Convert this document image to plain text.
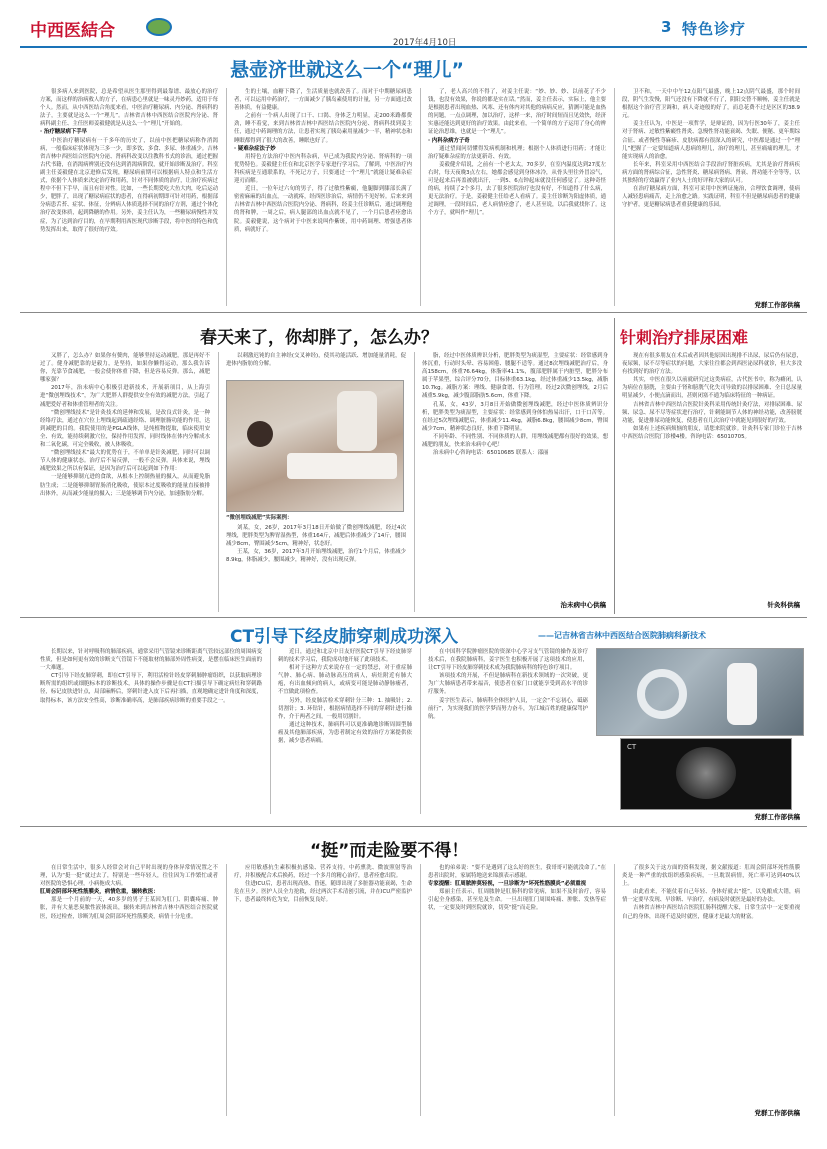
中西医結合
2017年4月10日
3 特色诊疗
悬壶济世就这么一个“理儿”

很多病人来到医院，总是希望从医生那里得到最靠谱、最放心的治疗方案，而这样的治病救人的方子，在病患心里就是一味灵丹妙药，适用于每个人。然而，从中西医结合角度来看，中医治疗糖尿病、内分泌、肾病科的法子，主要就是这么一个“理儿”。吉林省吉林中西医结合医院内分泌、肾病科副主任、主任医师姜毅健就是从这么一个“理儿”开始的。

· 治疗糖尿病下手早

中医治疗糖尿病有一千多年的历史了，以前中医把糖尿病称作消渴病，一般临床症状体现为三多一少，即多饮、多食、多尿、体重减少。吉林省吉林中西医结合医院内分泌、肾病科改变以往教科书式的诊治，通过把握古代书籍，在消渴病辨别还没有达到消渴病阶段，就开始诊断及治疗。科室副主任姜毅健在北京进修后发现，糖尿病前期可以根据病人特点和生活方式，依据个人体质来决定治疗和用药，针对不同体质的治疗，让治疗疾病过程中不但下手早，而且有针对性。比如，一些长期爱吃大鱼大肉，吃后运动少，肥胖了，出现了糖尿病症状的患者，在得病初期即可针对用药，根据部分病患舌苔、症状、体征，分辨病人体质选择不同的治疗方剂，通过个体化治疗改变体质，起到降糖的作用。另外，姜主任认为，一些糖尿病慢性并发症，为了达到治疗目的，在早期利用西医现代诊断手段，将中医的特色和优势发挥出来，取得了很好的疗效。

生的土壤，血糖下降了，生活质量也就改善了。而对于中期糖尿病患者，可以运用中药治疗，一方面减少了胰岛素使用的计量，另一方面通过改善体质，有益健康。

之前有一个病人出现了口干、口渴、身体乏力明显，走200米路都费劲，睡不着觉，来到吉林省吉林中西医结合医院内分泌、肾病科找到姜主任，通过中药调理的方法，让患者实现了胰岛素用量减少一半，精神状态和睡眠都得到了很大的改善，睡眠也好了。

· 疑难杂症法子妙

用特色方法治疗中医内科杂病，早已成为我院内分泌、肾病科的一项优势特色。姜毅健主任在和北京医学专家进行学习后，了解到，中医治疗内科疾病是互通联系的，不死记方子，只要通过一个“理儿”就能让疑难杂症迎刃而解。

近日，一位年过六旬的男子，得了过敏性紫癜，他腿脚到膝部长满了密密麻麻的出血点，一动就疼，经西医诊治后，病情仍不见好转。后来来到吉林省吉林中西医结合医院内分泌、肾病科，经姜主任诊断后，通过调理他的肾和脾，一周之后，病人腿部的出血点就不见了，一个月后患者痊愈出院。姜毅健说，这个病对于中医来说叫作紫斑，用中药调理、增强患者体质，病就好了。

了，老人高兴的不得了，对姜主任说：“妙、妙、妙、以前花了不少钱，也没有效果，你说的都是实在话。”然而，姜主任表示，实际上，他主要是根据患者出现血热、风寒、还有体内对其他的病病反应，猜测可能是血热的问题，一点点调理，加以治疗，这样一来，治疗时间短而且见效快，经济实惠还能达到更好的治疗效果。由此来看，一个简单的方子运用了身心的辨证论治思维，也就是一个“理儿”。

· 内科杂病方子奇

通过望闻问切懂得发病机制和机理；根据个人体质进行用药；才能让治疗疑难杂症的方法更新奇、有效。

姜毅健介绍说，之前有一个老太太，70多岁，在室内温度达到27度左右时，每天夜晚3点左右，她都会感觉到身体冰冷，从骨头里往外冒凉气，可是起来后再盖被就出汗，一到5、6点钟起床就没任何感觉了。这种奇怪的病，持续了2个多月，去了很多医院治疗也没有好，不知道得了什么病，更无法治疗。于是，姜毅健主任给老人看病了。姜主任诊断为阳虚体质，通过调理，一段时间后，老人病情痊愈了，老人甚至说，以后我就找你了。这个方子，就叫作“理儿”。

卫不和，一天中中午12点阳气最盛，晚上12点阴气最盛，那个时间段，阴气生发慢，阳气还没有下降就不行了，阴阳交替不顺畅，姜主任就是根据这个治疗营卫调和，病人奇迹般的好了，而总花费不过是区区的38.9元。

姜主任认为，中医是一项哲学，是辩证的，因为行医30年了，姜主任对于肾病、过敏性紫癜性肾炎、急慢性肾功能衰竭、失眠、便秘、更年期综合征、或者慢性荨麻疹、皮肤病都有很深入的研究，中医都是通过一个“理儿”把握了一定要知道病人患病的理儿，治疗的理儿，甚至痛痛的理儿，才能实现病人的治愈。

长年来，科室采用中西医结合手段治疗肾脏疾病，尤其是治疗肾病疾病方面的肾病综合征，急性肾炎、糖尿病肾病、肾衰、肾功能不全等等，以其独特的疗效赢得了业内人士的好评和大家的认可。

在治疗糖尿病方面，科室可采用中医辨证施治，合理饮食调理，使病人减轻患病痛苦，走上治愈之路。实践证明，科室不但是糖尿病患者的健康守护者，更是糖尿病患者重获健康的乐园。

党群工作部供稿
春天来了，你却胖了，怎么办？

又胖了，怎么办？如果你有赘肉，能够坚持运动减肥，那是再好不过了。健身减肥靠的是毅力，是坚持，如果你懒得运动，那么我告诉你，光靠节食减肥，一般会使你体重下降，但是容易反弹。那么，减肥哪家强？

2017年，治未病中心积极引进新技术，开展新项目，从上海引进“微创埋线技术”，为广大肥胖人群提供安全有效的减肥方法，引起了减肥爱好者和体重管理者的关注。

“微创埋线技术”是针灸技术的延伸和发展，是改良式针灸，是一种经络疗法，通过在穴位上埋线起到疏通经络、调理脏腑功能的作用，达到减肥的目的。我院使用的是PGLA线体，是纯植物提取，临床使用安全、有效，能持续刺激穴位，保持作用发挥，同时线体在体内分解成水和二氧化碳，可完全吸收，被人体吸收。

“微创埋线技术”最大的优势在于，不单单是针灸减肥，同时可以调节人体的健康状态。治疗后不易反弹，一般不会反弹。具体来说，埋线减肥效果之所以有保证，是因为治疗后可以起到如下作用：

一是能够抑制亢进的食欲，从根本上控制热量的摄入，从而避免脂肪生成；二是能够抑制胃肠消化吸收，使原本过度吸收的能量直接被排出体外，从而减少能量的摄入；三是能够调节内分泌，加速脂肪分解。

以刺激迟钝的自主神经(交叉神经)，使其功能活跃、增加能量消耗，促进体内脂肪的分解。

“微创埋线减肥”实际案例：

刘某，女，26岁，2017年3月18日开始做了微创埋线减肥，经过4次埋线，肥胖类型为脾胃湿热型，体重164斤，减肥后体重减少了14斤，腰围减少8cm，臀围减少5cm，精神好，状态好。

王某，女，36岁，2017年3月开始埋线减肥，治疗1个月后，体重减少8.9kg，体脂减少，腰围减少，精神好，没有出现反弹。

脂，经过中医体质辨识分析，肥胖类型为痰湿型，主要症状：经常感到身体沉重，行动时头晕、容易困倦、腰腿不适等。通过8次埋线减肥治疗后，身高158cm，体重76.64kg，体脂率41.1%，腹部肥胖属于内脏型，肥胖分布属于苹果型，综合评分70分，目标体重63.1kg，经过体重减少13.5kg，减脂10.7kg。减脂方案：理线、健康食谱、行为管理。经过2次微创埋线，2月后减重5.9kg，减少腹部脂肪5.6cm，体重下降。

孔某，女，43岁，3月8日开始做微创埋线减肥，经过中医体质辨识分析，肥胖类型为痰湿型，主要症状：经常感到身体怕热易出汗，口干口苦等。在经过5次埋线减肥后，体重减少11.4kg，减脂6.8kg，腰围减少8cm，臀围减少7cm，精神状态良好，体重下降明显。

不同年龄、不同性别、不同体质的人群，用埋线减肥都有很好的效果，想减肥的朋友，快来治未病中心吧！

治未病中心咨询电话：65010685 联系人：邵丽

治未病中心供稿
针刺治疗排尿困难

现在有很多朋友在术后或者因其他原因出现排不出尿，尿后仍有尿意，夜尿频，尿不尽等症状的问题，大家往往都会到西医泌尿科就诊，但大多没有找到好的治疗方法。

其实，中医在很久以前就研究过这类病症，古代医书中，称为癃闭，认为病位在膀胱，主要由于肾和膀胱气化失司导致的以排尿困难、全日总尿量明显减少，小便点滴而出，甚则闭塞不通为临床特征的一种病证。

吉林省吉林中西医结合医院针灸科采用传统针灸疗法，对排尿困难、尿频、尿急、尿不尽等症状进行治疗，针刺能调节人体的神经功能，改善膀胱功能，促进排尿功能恢复，使患者在几次治疗中就能见到很好的疗效。

如果有上述疾病烦恼的朋友，请您来院就诊。针灸科专家门诊位于吉林中西医结合医院门诊楼4楼。咨询电话：65010705。

针灸科供稿
CT引导下经皮肺穿刺成功深入	——记吉林省吉林中西医结合医院肺病科新技术

长期以来，针对呼吸科的肺部疾病，通常采用气管镜来诊断距离气管较远部位的周围病变性质，但是如何更有效的诊断支气管镜下不能取材的肺部外周性病变，是摆在临床医生面前的一大难题。

CT引导下经皮肺穿刺，即在CT引导下，利用活检针经皮穿刺肺肿瘤组织，以获取病理诊断所需的组织或细胞标本的诊断技术，具体的操作步骤是在CT扫描引导下确定病灶和穿刺路径，标记皮肤进针点，局部麻醉后，穿刺针进入皮下后再扫描，直观地确定进针角度和深度，取得标本，该方法安全性高，诊断准确率高，是肺部疾病诊断的重要手段之一。

近日，通过和北京中日友好医院CT引导下经皮肺穿刺的技术学习后，我院成功地开展了此项技术。

相对于这种方式来说存在一定的禁忌，对于重症肺气肿、肺心病、肺动脉高压的病人，病灶附近有肺大疱，有出血倾向的病人，或病变可能是肺动静脉瘘者，不宜做此项检查。

另外，经皮肺活检术穿刺针分三种：1. 抽吸针；2. 切割针；3. 环钻针，根据病情选择不同的穿刺针进行操作，介于两者之间，一般用切割针。

通过这种技术，肺病科可以更准确地诊断周围型肺癌及其他肺部疾病，为患者制定有效的治疗方案提供依据，减少患者病痛。

在中国科学院肿瘤医院的资深中心学习支气管镜的操作及诊疗技术后，在我院肺病科，姜宇医生也积极开展了这项技术的应用，让CT引导下经皮肺穿刺技术成为我院肺病科的特色诊疗项目。

该项技术的开展，不但是肺病科在新技术领域的一次突破，更为广大肺病患者带来福音，使患者在家门口就能享受到高水平的诊疗服务。

姜宇医生表示，肺病科全体医护人员，一定会“不忘初心，砥砺前行”，为实现我们的医学梦而努力奋斗，为江城百姓的健康保驾护航。

CT
党群工作部供稿
“挺”而走险要不得！

在日常生活中，很多人经常会对自己平时出现的身体异常情况置之不理，认为“挺一挺”就过去了，特别是一些年轻人，往往因为工作繁忙或者对医院的恐惧心理，小病拖成大病。

肛周会阴部坏死性筋膜炎，病情危重，辗转救医：

那是一个月前的一天，40多岁的男子王某因为肛门、阴囊疼痛、肿胀，并有大量恶臭脓性液体流出，辗转来到吉林省吉林中西医结合医院就医，经过检查，诊断为肛周会阴部坏死性筋膜炎，病情十分危重。

应用敏感抗生素积极抗感染、营养支持，中药熏洗、微波照射等治疗，并积极配合术后换药，经过一个多月的精心治疗，患者痊愈出院。

住进ICU后，患者出现高热、昏迷，随即出现了多脏器功能衰竭，生命危在旦夕。医护人员全力抢救，经过两次手术清创引流，并在ICU严密监护下，患者最终转危为安，目前恢复良好。

也的弟弟说：“要不是遇到了这么好的医生，我哥哥可能就没命了。”在患者出院时，家属特地送来锦旗表示感谢。

专家提醒：肛周脓肿莫轻视，一旦诊断为“坏死性筋膜炎”必须重视

郑丽主任表示，肛周脓肿是肛肠科的常见病，如果不及时治疗，容易引起全身感染，甚至危及生命。一旦出现肛门周围疼痛、肿胀、发热等症状，一定要及时到医院就诊，切莫“挺”而走险。

了很多关于这方面的资料发现，据文献报道：肛周会阴部坏死性筋膜炎是一种严重的软组织感染疾病，一旦耽误病情，死亡率可达到40%以上。

由此看来，不能仗着自己年轻、身体好就去“挺”，以免酿成大错，病情一定要早发现、早诊断、早治疗，有病及时就医是最好的办法。

吉林省吉林中西医结合医院肛肠科提醒大家，日常生活中一定要重视自己的身体，出现不适及时就医，健康才是最大的财富。

党群工作部供稿
